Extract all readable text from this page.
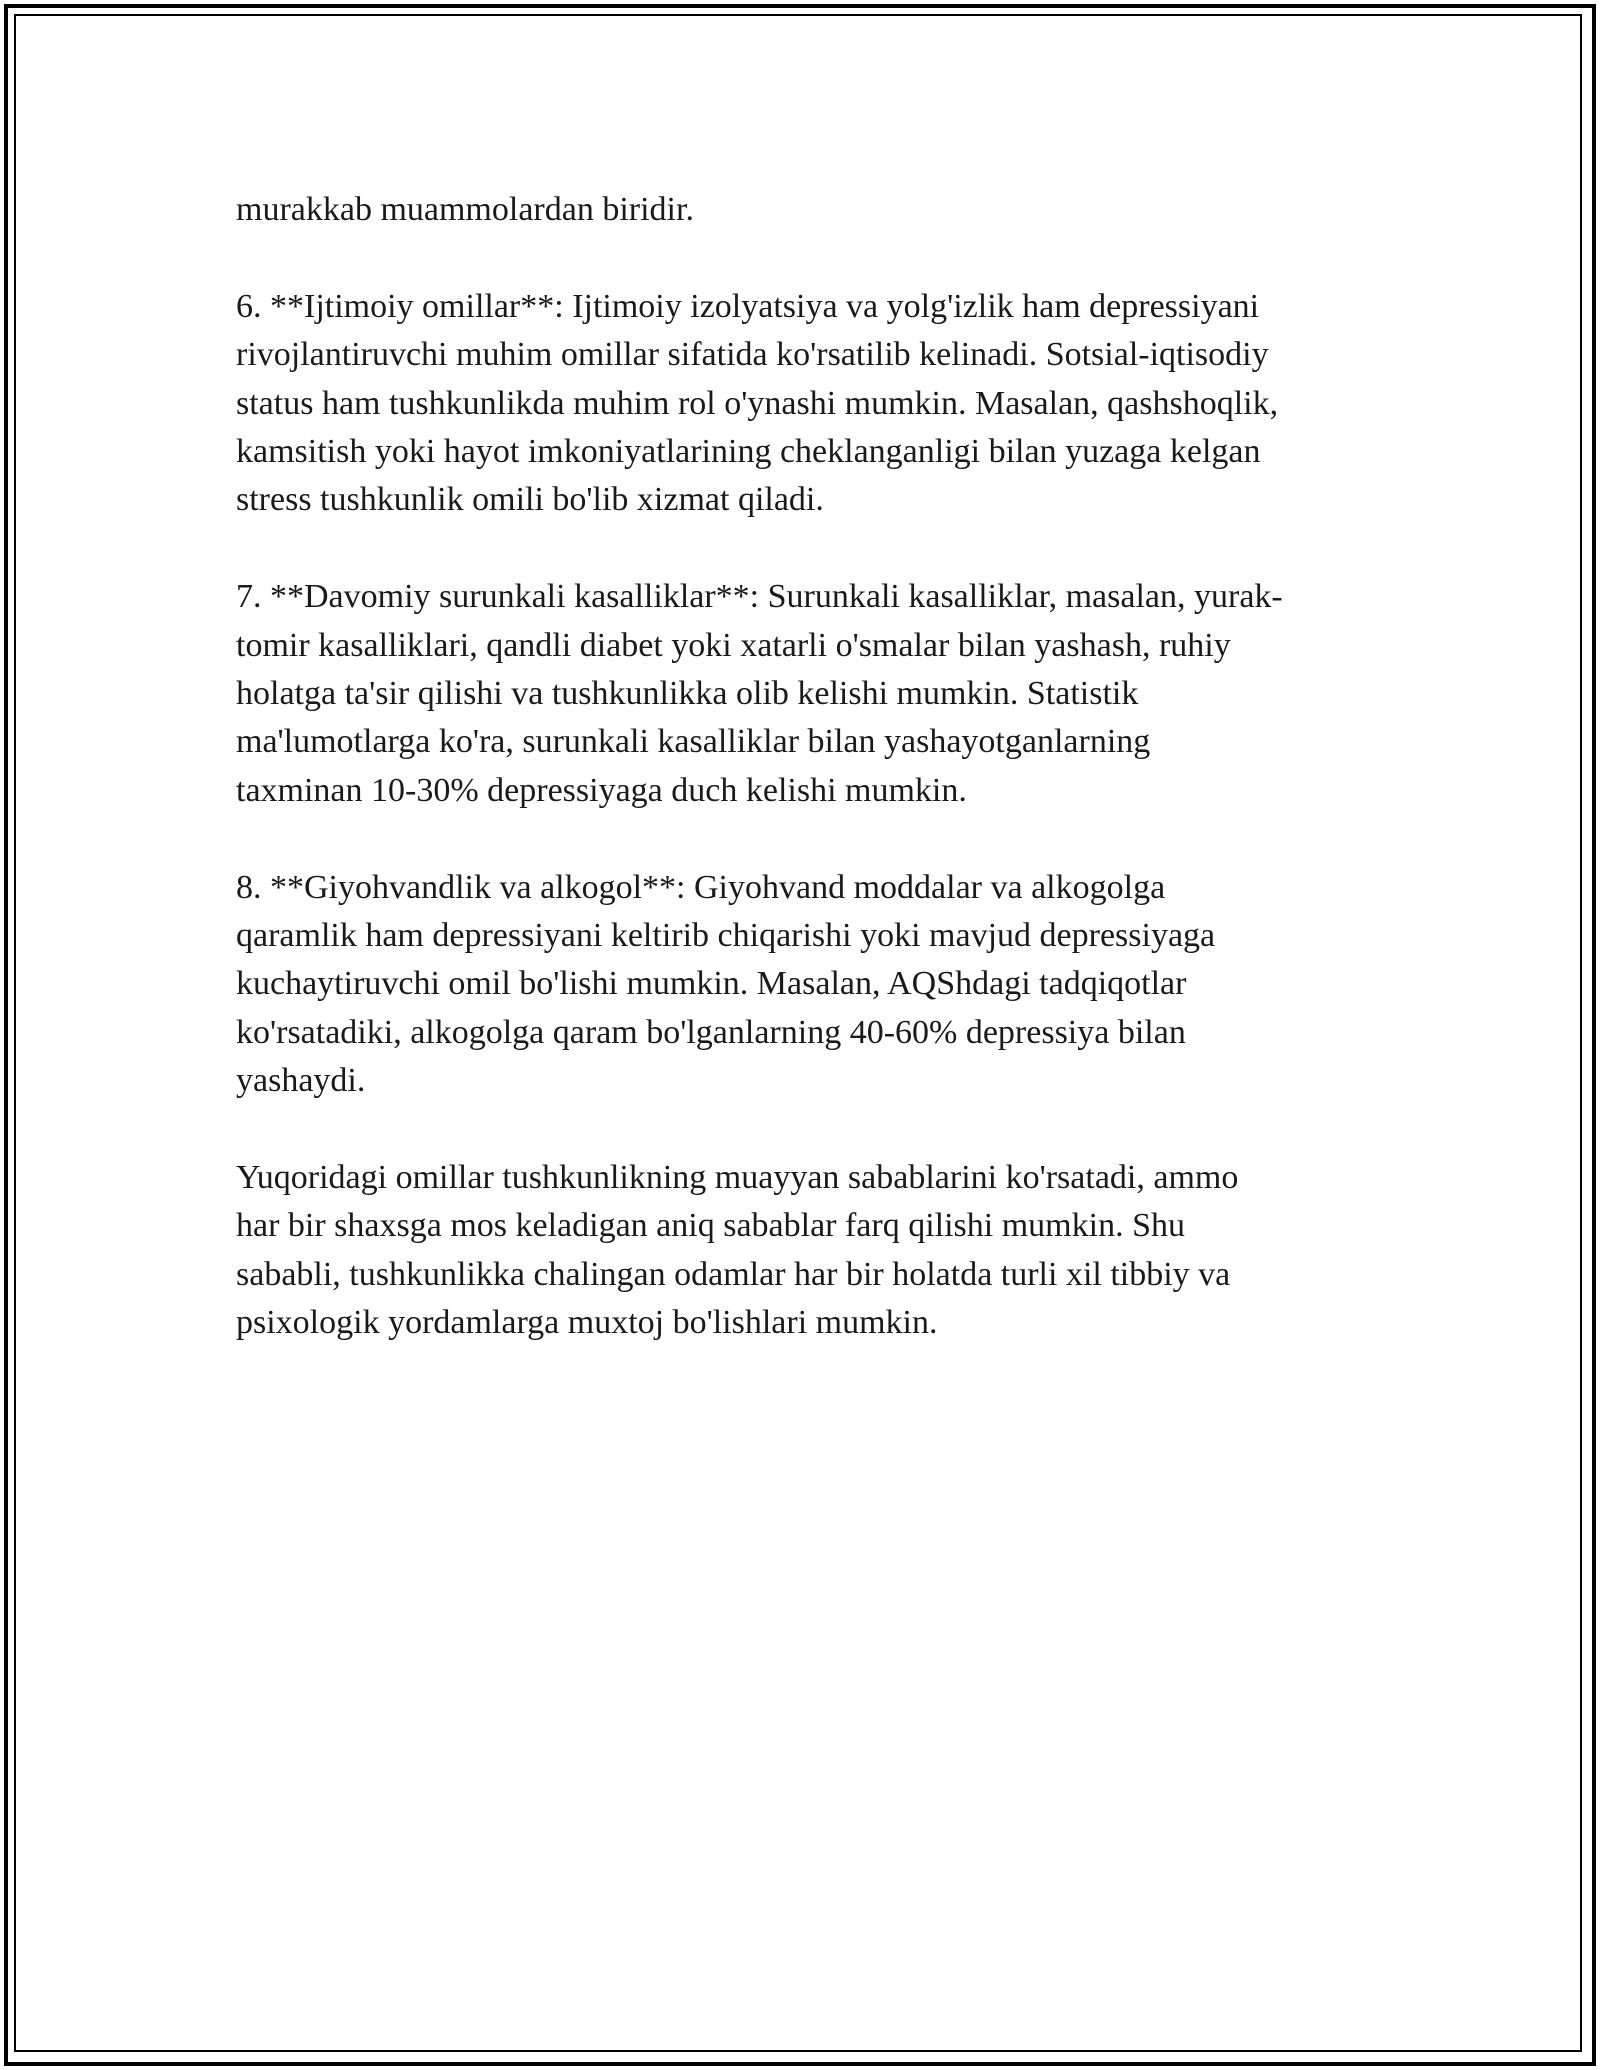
murakkab muammolardan biridir.

6. **Ijtimoiy omillar**: Ijtimoiy izolyatsiya va yolg'izlik ham depressiyani
rivojlantiruvchi muhim omillar sifatida ko'rsatilib kelinadi. Sotsial-iqtisodiy
status ham tushkunlikda muhim rol o'ynashi mumkin. Masalan, qashshoqlik,
kamsitish yoki hayot imkoniyatlarining cheklanganligi bilan yuzaga kelgan
stress tushkunlik omili bo'lib xizmat qiladi.

7. **Davomiy surunkali kasalliklar**: Surunkali kasalliklar, masalan, yurak-
tomir kasalliklari, qandli diabet yoki xatarli o'smalar bilan yashash, ruhiy
holatga ta'sir qilishi va tushkunlikka olib kelishi mumkin. Statistik
ma'lumotlarga ko'ra, surunkali kasalliklar bilan yashayotganlarning
taxminan 10-30% depressiyaga duch kelishi mumkin.

8. **Giyohvandlik va alkogol**: Giyohvand moddalar va alkogolga
qaramlik ham depressiyani keltirib chiqarishi yoki mavjud depressiyaga
kuchaytiruvchi omil bo'lishi mumkin. Masalan, AQShdagi tadqiqotlar
ko'rsatadiki, alkogolga qaram bo'lganlarning 40-60% depressiya bilan
yashaydi.

Yuqoridagi omillar tushkunlikning muayyan sabablarini ko'rsatadi, ammo
har bir shaxsga mos keladigan aniq sabablar farq qilishi mumkin. Shu
sababli, tushkunlikka chalingan odamlar har bir holatda turli xil tibbiy va
psixologik yordamlarga muxtoj bo'lishlari mumkin.
